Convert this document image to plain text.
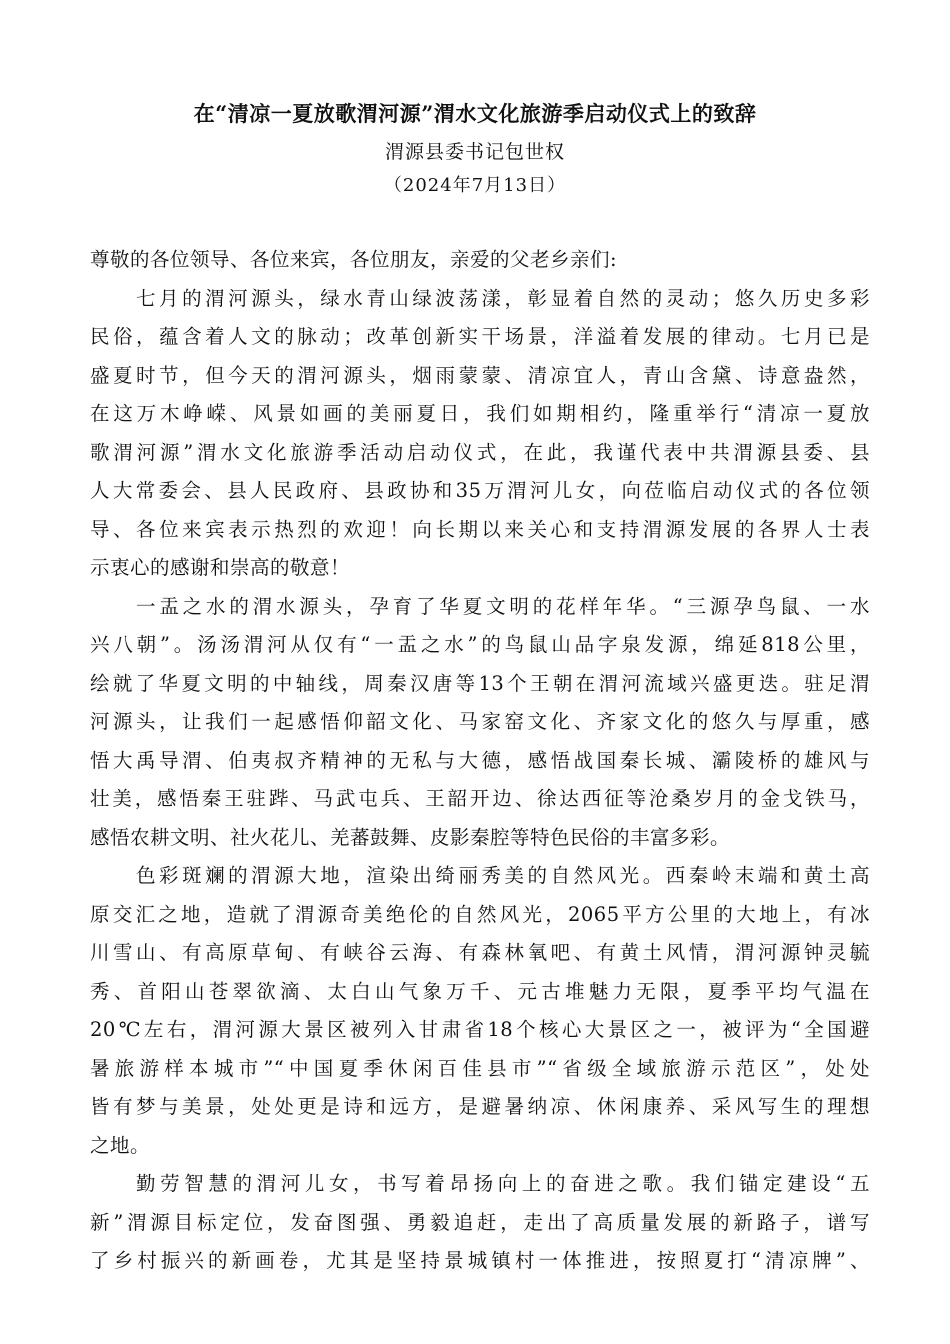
在“清凉一夏放歌渭河源”渭水文化旅游季启动仪式上的致辞
渭源县委书记包世权
（2024年7月13日）
尊敬的各位领导、各位来宾，各位朋友，亲爱的父老乡亲们:
七月的渭河源头，绿水青山绿波荡漾，彰显着自然的灵动；悠久历史多彩
民俗，蕴含着人文的脉动；改革创新实干场景，洋溢着发展的律动。七月已是
盛夏时节，但今天的渭河源头，烟雨蒙蒙、清凉宜人，青山含黛、诗意盎然，
在这万木峥嵘、风景如画的美丽夏日，我们如期相约，隆重举行“清凉一夏放
歌渭河源”渭水文化旅游季活动启动仪式，在此，我谨代表中共渭源县委、县
人大常委会、县人民政府、县政协和35万渭河儿女，向莅临启动仪式的各位领
导、各位来宾表示热烈的欢迎！向长期以来关心和支持渭源发展的各界人士表
示衷心的感谢和崇高的敬意！
一盂之水的渭水源头，孕育了华夏文明的花样年华。“三源孕鸟鼠、一水
兴八朝”。汤汤渭河从仅有“一盂之水”的鸟鼠山品字泉发源，绵延818公里，
绘就了华夏文明的中轴线，周秦汉唐等13个王朝在渭河流域兴盛更迭。驻足渭
河源头，让我们一起感悟仰韶文化、马家窑文化、齐家文化的悠久与厚重，感
悟大禹导渭、伯夷叔齐精神的无私与大德，感悟战国秦长城、灞陵桥的雄风与
壮美，感悟秦王驻跸、马武屯兵、王韶开边、徐达西征等沧桑岁月的金戈铁马，
感悟农耕文明、社火花儿、羌蕃鼓舞、皮影秦腔等特色民俗的丰富多彩。
色彩斑斓的渭源大地，渲染出绮丽秀美的自然风光。西秦岭末端和黄土高
原交汇之地，造就了渭源奇美绝伦的自然风光，2065平方公里的大地上，有冰
川雪山、有高原草甸、有峡谷云海、有森林氧吧、有黄土风情，渭河源钟灵毓
秀、首阳山苍翠欲滴、太白山气象万千、元古堆魅力无限，夏季平均气温在
20℃左右，渭河源大景区被列入甘肃省18个核心大景区之一，被评为“全国避
暑旅游样本城市”“中国夏季休闲百佳县市”“省级全域旅游示范区”，处处
皆有梦与美景，处处更是诗和远方，是避暑纳凉、休闲康养、采风写生的理想
之地。
勤劳智慧的渭河儿女，书写着昂扬向上的奋进之歌。我们锚定建设“五
新”渭源目标定位，发奋图强、勇毅追赶，走出了高质量发展的新路子，谱写
了乡村振兴的新画卷，尤其是坚持景城镇村一体推进，按照夏打“清凉牌”、
